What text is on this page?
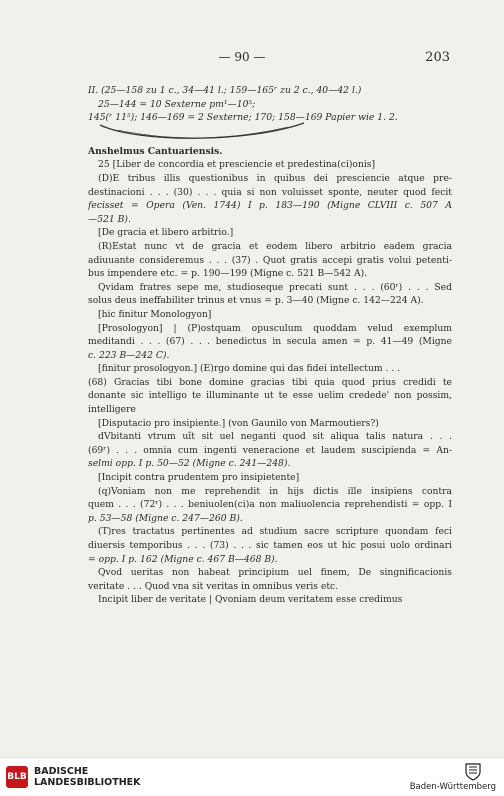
— 90 —	203
II. (25—158 zu 1 c., 34—41 l.; 159—165ʳ zu 2 c., 40—42 l.)
25—144 = 10 Sexterne pm¹—10⁵;
145(ʳ 11⁵); 146—169 = 2 Sexterne; 170; 158—169 Papier wie 1. 2.
Anshelmus Cantuariensis.
25 [Liber de concordia et presciencie et predestina(ci)onis]
(D)E tribus illis questionibus in quibus dei presciencie atque pre-
destinacioni . . . (30) . . . quia si non voluisset sponte, neuter quod fecit
fecisset = Opera (Ven. 1744) I p. 183—190 (Migne CLVIII c. 507 A
—521 B).
[De gracia et libero arbitrio.]
(R)Estat nunc vt de gracia et eodem libero arbitrio eadem gracia
adiuuante consideremus . . . (37) . Quot gratis accepi gratis volui petenti-
bus impendere etc. = p. 190—199 (Migne c. 521 B—542 A).
Qvidam fratres sepe me, studioseque precati sunt . . . (60ʳ) . . . Sed
solus deus ineffabiliter trinus et vnus = p. 3—40 (Migne c. 142—224 A).
[hic finitur Monologyon]
[Prosologyon] | (P)ostquam opusculum quoddam velud exemplum
meditandi . . . (67) . . . benedictus in secula amen = p. 41—49 (Migne
c. 223 B—242 C).
[finitur prosologyon.] (E)rgo domine qui das fidei intellectum . . .
(68) Gracias tibi bone domine gracias tibi quia quod prius credidi te
donante sic intelligo te illuminante ut te esse uelim credede' non possim,
intelligere
[Disputacio pro insipiente.] (von Gaunilo von Marmoutiers?)
dVbitanti vtrum uĩt sit uel neganti quod sit aliqua talis natura . . .
(69ʳ) . . . omnia cum ingenti veneracione et laudem suscipienda = An-
selmi opp. I p. 50—52 (Migne c. 241—248).
[Incipit contra prudentem pro insipietente]
(q)Voniam non me reprehendit in hijs dictis ille insipiens contra
quem . . . (72ʳ) . . . beniuolen(ci)a non maliuolencia reprehendisti = opp. I
p. 53—58 (Migne c. 247—260 B).
(T)res tractatus pertinentes ad studium sacre scripture quondam feci
diuersis temporibus . . . (73) . . . sic tamen eos ut hic posui uolo ordinari
= opp. I p. 162 (Migne c. 467 B—468 B).
Qvod ueritas non habeat principium uel finem, De singnificacionis
veritate . . . Quod vna sit veritas in omnibus veris etc.
Incipit liber de veritate | Qvoniam deum veritatem esse credimus
BLB BADISCHE
LANDESBIBLIOTHEK	Baden-Württemberg
